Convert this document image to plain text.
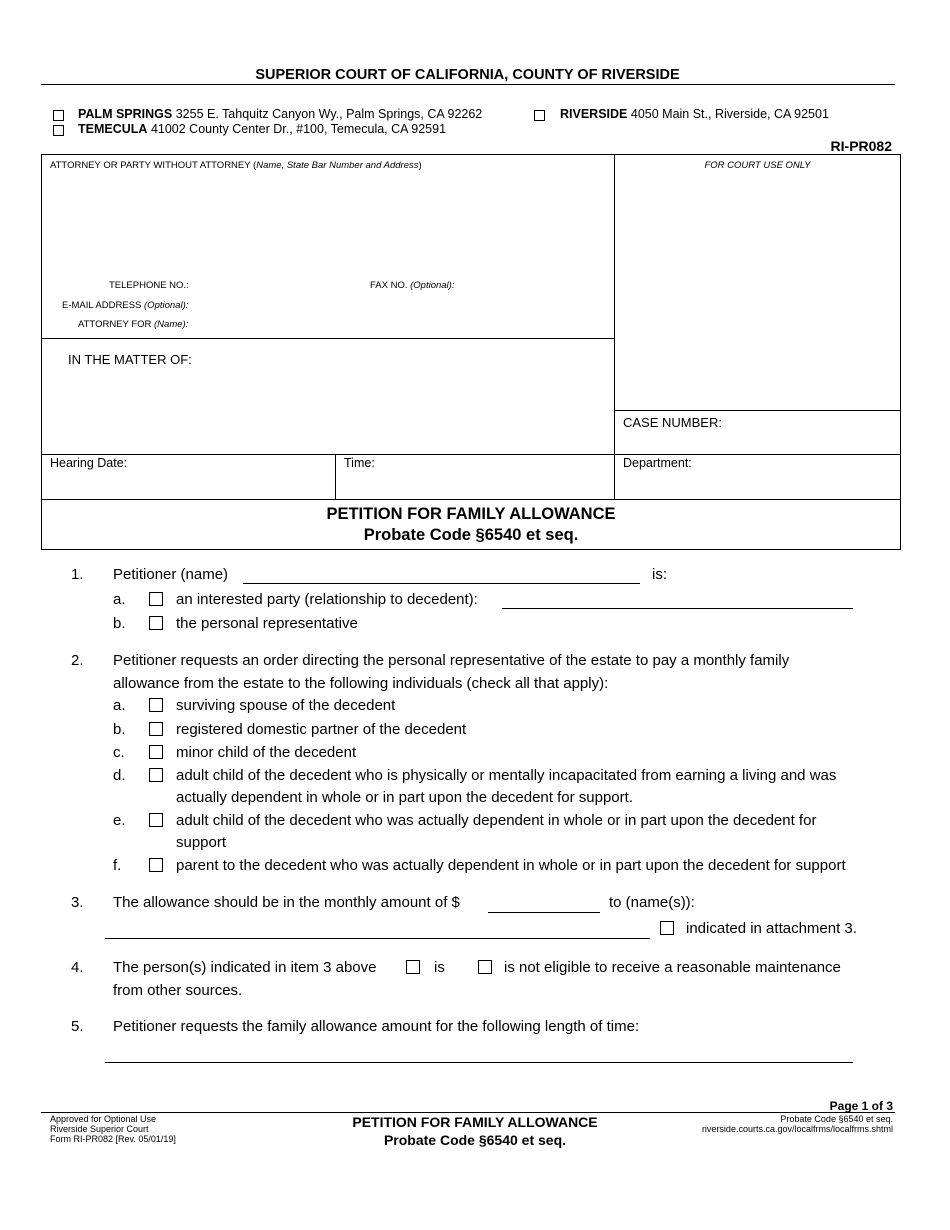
SUPERIOR COURT OF CALIFORNIA, COUNTY OF RIVERSIDE
PALM SPRINGS 3255 E. Tahquitz Canyon Wy., Palm Springs, CA 92262
TEMECULA 41002 County Center Dr., #100, Temecula, CA 92591
RIVERSIDE 4050 Main St., Riverside, CA 92501
RI-PR082
ATTORNEY OR PARTY WITHOUT ATTORNEY (Name, State Bar Number and Address)	FOR COURT USE ONLY
TELEPHONE NO.:	FAX NO. (Optional):
E-MAIL ADDRESS (Optional):
ATTORNEY FOR (Name):
IN THE MATTER OF:
CASE NUMBER:
Hearing Date:	Time:	Department:
PETITION FOR FAMILY ALLOWANCE
Probate Code §6540 et seq.
1. Petitioner (name)	is:
a.	an interested party (relationship to decedent):
b.	the personal representative
2. Petitioner requests an order directing the personal representative of the estate to pay a monthly family
allowance from the estate to the following individuals (check all that apply):
a.	surviving spouse of the decedent
b.	registered domestic partner of the decedent
c.	minor child of the decedent
d.	adult child of the decedent who is physically or mentally incapacitated from earning a living and was
actually dependent in whole or in part upon the decedent for support.
e.	adult child of the decedent who was actually dependent in whole or in part upon the decedent for
support
f.	parent to the decedent who was actually dependent in whole or in part upon the decedent for support
3. The allowance should be in the monthly amount of $	to (name(s)):
indicated in attachment 3.
4. The person(s) indicated in item 3 above	is	is not eligible to receive a reasonable maintenance
from other sources.
5. Petitioner requests the family allowance amount for the following length of time:
Page 1 of 3
Approved for Optional Use
Riverside Superior Court
Form RI-PR082 [Rev. 05/01/19]
PETITION FOR FAMILY ALLOWANCE
Probate Code §6540 et seq.
Probate Code §6540 et seq.
riverside.courts.ca.gov/localfrms/localfrms.shtml
